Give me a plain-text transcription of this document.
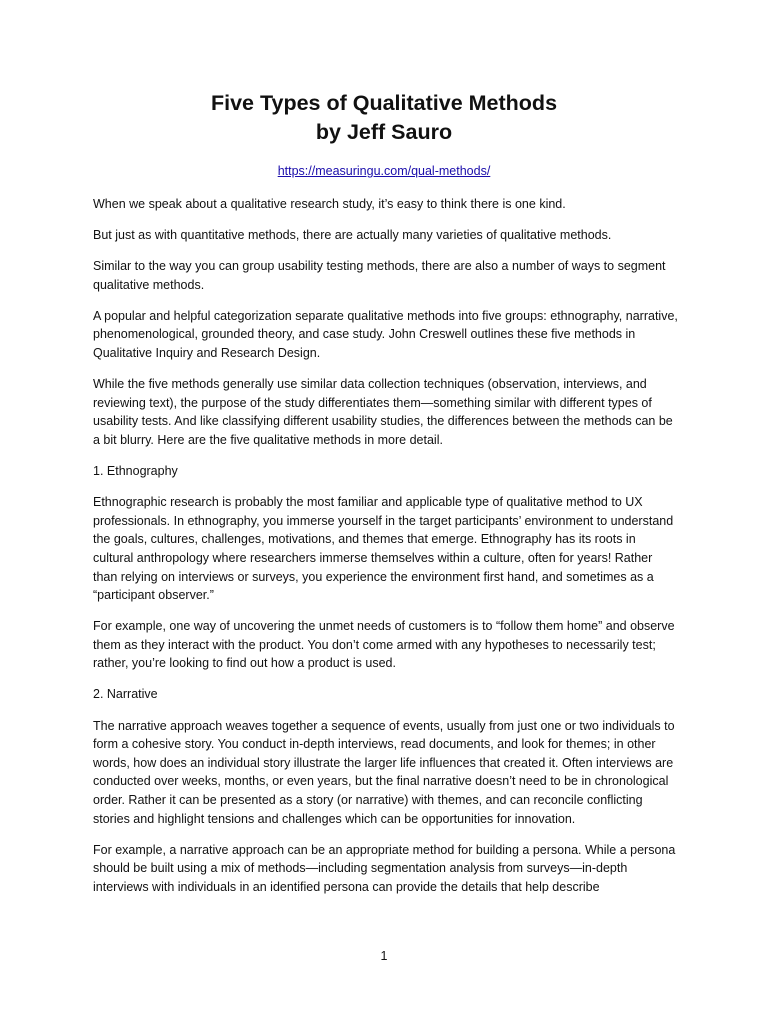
Five Types of Qualitative Methods
by Jeff Sauro
https://measuringu.com/qual-methods/

When we speak about a qualitative research study, it’s easy to think there is one kind.

But just as with quantitative methods, there are actually many varieties of qualitative methods.

Similar to the way you can group usability testing methods, there are also a number of ways to segment qualitative methods.

A popular and helpful categorization separate qualitative methods into five groups: ethnography, narrative, phenomenological, grounded theory, and case study. John Creswell outlines these five methods in Qualitative Inquiry and Research Design.

While the five methods generally use similar data collection techniques (observation, interviews, and reviewing text), the purpose of the study differentiates them—something similar with different types of usability tests. And like classifying different usability studies, the differences between the methods can be a bit blurry. Here are the five qualitative methods in more detail.

1. Ethnography

Ethnographic research is probably the most familiar and applicable type of qualitative method to UX professionals. In ethnography, you immerse yourself in the target participants’ environment to understand the goals, cultures, challenges, motivations, and themes that emerge. Ethnography has its roots in cultural anthropology where researchers immerse themselves within a culture, often for years! Rather than relying on interviews or surveys, you experience the environment first hand, and sometimes as a “participant observer.”

For example, one way of uncovering the unmet needs of customers is to “follow them home” and observe them as they interact with the product. You don’t come armed with any hypotheses to necessarily test; rather, you’re looking to find out how a product is used.

2. Narrative

The narrative approach weaves together a sequence of events, usually from just one or two individuals to form a cohesive story. You conduct in-depth interviews, read documents, and look for themes; in other words, how does an individual story illustrate the larger life influences that created it. Often interviews are conducted over weeks, months, or even years, but the final narrative doesn’t need to be in chronological order. Rather it can be presented as a story (or narrative) with themes, and can reconcile conflicting stories and highlight tensions and challenges which can be opportunities for innovation.

For example, a narrative approach can be an appropriate method for building a persona. While a persona should be built using a mix of methods—including segmentation analysis from surveys—in-depth interviews with individuals in an identified persona can provide the details that help describe

1
